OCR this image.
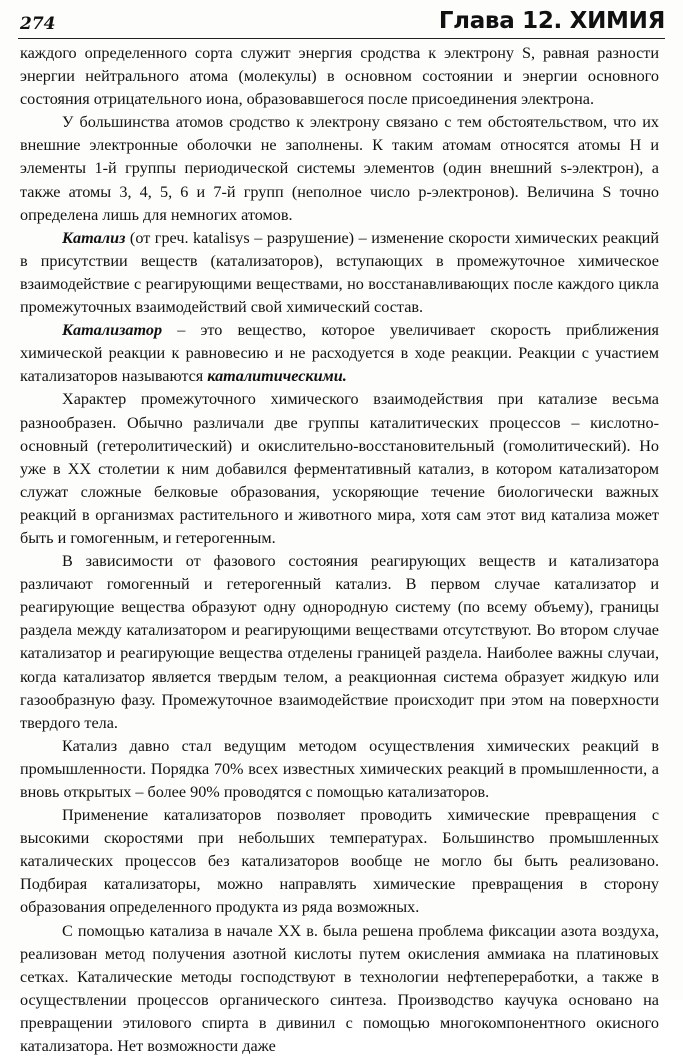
274	Глава 12. ХИМИЯ

каждого определенного сорта служит энергия сродства к электрону S, равная разности энергии нейтрального атома (молекулы) в основном состоянии и энергии основного состояния отрицательного иона, образовавшегося после присоединения электрона.

У большинства атомов сродство к электрону связано с тем обстоятельством, что их внешние электронные оболочки не заполнены. К таким атомам относятся атомы Н и элементы 1-й группы периодической системы элементов (один внешний s-электрон), а также атомы 3, 4, 5, 6 и 7-й групп (неполное число р-электронов). Величина S точно определена лишь для немногих атомов.

Катализ (от греч. katalisys – разрушение) – изменение скорости химических реакций в присутствии веществ (катализаторов), вступающих в промежуточное химическое взаимодействие с реагирующими веществами, но восстанавливающих после каждого цикла промежуточных взаимодействий свой химический состав.

Катализатор – это вещество, которое увеличивает скорость приближения химической реакции к равновесию и не расходуется в ходе реакции. Реакции с участием катализаторов называются каталитическими.

Характер промежуточного химического взаимодействия при катализе весьма разнообразен. Обычно различали две группы каталитических процессов – кислотно-основный (гетеролитический) и окислительно-восстановительный (гомолитический). Но уже в XX столетии к ним добавился ферментативный катализ, в котором катализатором служат сложные белковые образования, ускоряющие течение биологически важных реакций в организмах растительного и животного мира, хотя сам этот вид катализа может быть и гомогенным, и гетерогенным.

В зависимости от фазового состояния реагирующих веществ и катализатора различают гомогенный и гетерогенный катализ. В первом случае катализатор и реагирующие вещества образуют одну однородную систему (по всему объему), границы раздела между катализатором и реагирующими веществами отсутствуют. Во втором случае катализатор и реагирующие вещества отделены границей раздела. Наиболее важны случаи, когда катализатор является твердым телом, а реакционная система образует жидкую или газообразную фазу. Промежуточное взаимодействие происходит при этом на поверхности твердого тела.

Катализ давно стал ведущим методом осуществления химических реакций в промышленности. Порядка 70% всех известных химических реакций в промышленности, а вновь открытых – более 90% проводятся с помощью катализаторов.

Применение катализаторов позволяет проводить химические превращения с высокими скоростями при небольших температурах. Большинство промышленных каталических процессов без катализаторов вообще не могло бы быть реализовано. Подбирая катализаторы, можно направлять химические превращения в сторону образования определенного продукта из ряда возможных.

С помощью катализа в начале XX в. была решена проблема фиксации азота воздуха, реализован метод получения азотной кислоты путем окисления аммиака на платиновых сетках. Каталические методы господствуют в технологии нефтепереработки, а также в осуществлении процессов органического синтеза. Производство каучука основано на превращении этилового спирта в дивинил с помощью многокомпонентного окисного катализатора. Нет возможности даже
